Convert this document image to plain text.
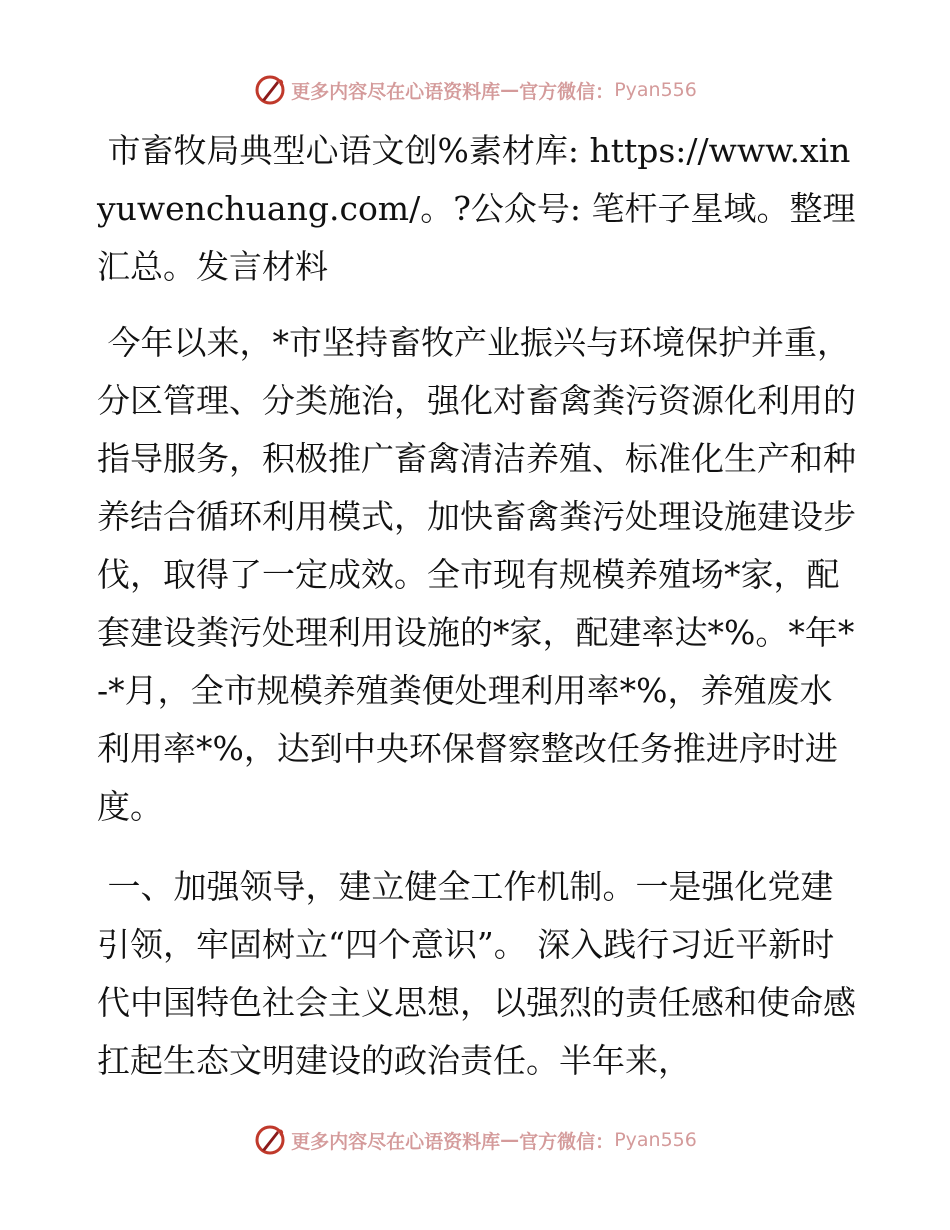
更多内容尽在心语资料库 — 官方微信： Pyan556

市畜牧局典型心语文创%素材库: https://www.xinyuwenchuang.com/。?公众号: 笔杆子星域。整理汇总。发言材料

今年以来，*市坚持畜牧产业振兴与环境保护并重，分区管理、分类施治，强化对畜禽粪污资源化利用的指导服务，积极推广畜禽清洁养殖、标准化生产和种养结合循环利用模式，加快畜禽粪污处理设施建设步伐，取得了一定成效。全市现有规模养殖场*家，配套建设粪污处理利用设施的*家，配建率达*%。*年*-*月，全市规模养殖粪便处理利用率*%，养殖废水利用率*%，达到中央环保督察整改任务推进序时进度。

一、加强领导，建立健全工作机制。一是强化党建引领，牢固树立“四个意识”。 深入践行习近平新时代中国特色社会主义思想，以强烈的责任感和使命感扛起生态文明建设的政治责任。半年来，

更多内容尽在心语资料库 — 官方微信： Pyan556
